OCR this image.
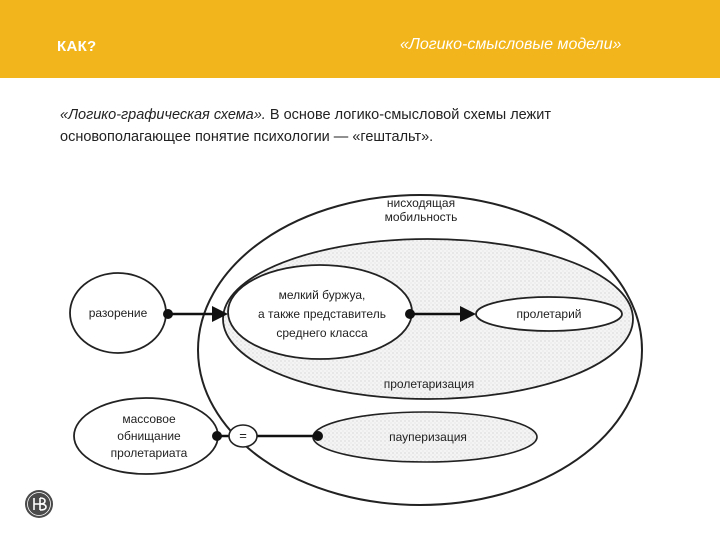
КАК?	«Логико-смысловые модели»
«Логико-графическая схема». В основе логико-смысловой схемы лежит основополагающее понятие психологии — «гештальт».
нисходящая
мобильность
разорение
мелкий буржуа,
а также представитель
среднего класса
пролетарий
пролетаризация
массовое
обнищание
пролетариата
=	пауперизация
